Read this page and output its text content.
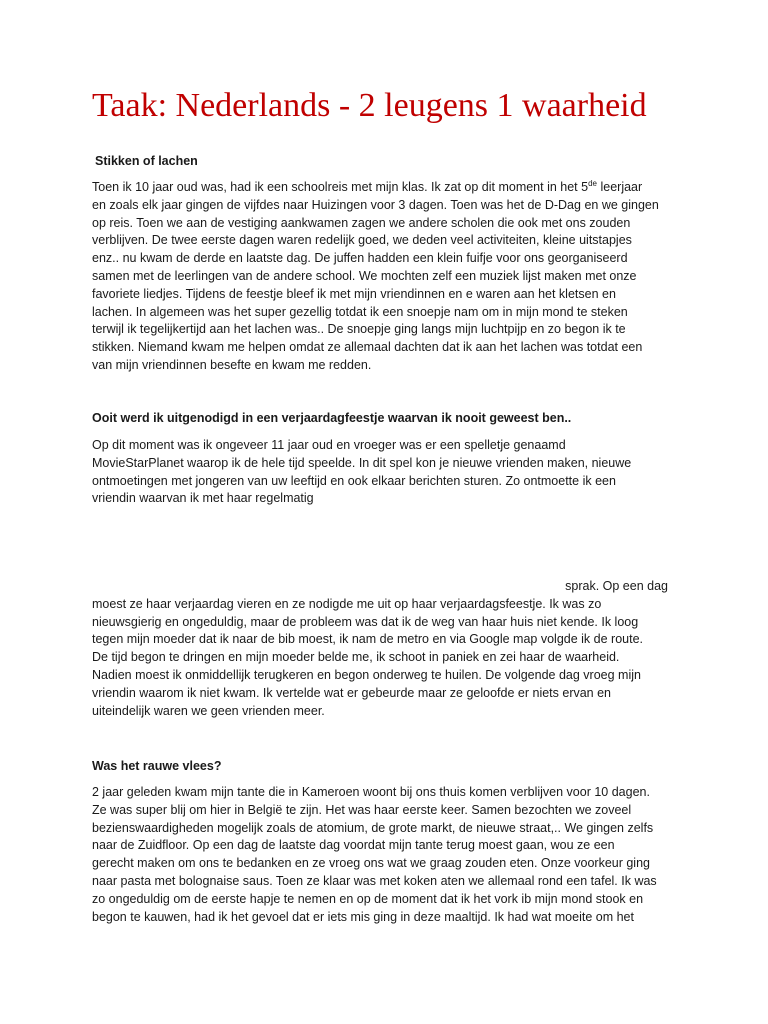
Taak: Nederlands - 2 leugens 1 waarheid
Stikken of lachen

Toen ik 10 jaar oud was, had ik een schoolreis met mijn klas. Ik zat op dit moment in het 5de leerjaar
en zoals elk jaar gingen de vijfdes naar Huizingen voor 3 dagen. Toen was het de D-Dag en we gingen
op reis. Toen we aan de vestiging aankwamen zagen we andere scholen die ook met ons zouden
verblijven. De twee eerste dagen waren redelijk goed, we deden veel activiteiten, kleine uitstapjes
enz.. nu kwam de derde en laatste dag. De juffen hadden een klein fuifje voor ons georganiseerd
samen met de leerlingen van de andere school. We mochten zelf een muziek lijst maken met onze
favoriete liedjes. Tijdens de feestje bleef ik met mijn vriendinnen en e waren aan het kletsen en
lachen. In algemeen was het super gezellig totdat ik een snoepje nam om in mijn mond te steken
terwijl ik tegelijkertijd aan het lachen was.. De snoepje ging langs mijn luchtpijp en zo begon ik te
stikken. Niemand kwam me helpen omdat ze allemaal dachten dat ik aan het lachen was totdat een
van mijn vriendinnen besefte en kwam me redden.

Ooit werd ik uitgenodigd in een verjaardagfeestje waarvan ik nooit geweest ben..

Op dit moment was ik ongeveer 11 jaar oud en vroeger was er een spelletje genaamd
MovieStarPlanet waarop ik de hele tijd speelde. In dit spel kon je nieuwe vrienden maken, nieuwe
ontmoetingen met jongeren van uw leeftijd en ook elkaar berichten sturen. Zo ontmoette ik een
vriendin waarvan ik met haar regelmatig

sprak. Op een dag
moest ze haar verjaardag vieren en ze nodigde me uit op haar verjaardagsfeestje. Ik was zo
nieuwsgierig en ongeduldig, maar de probleem was dat ik de weg van haar huis niet kende. Ik loog
tegen mijn moeder dat ik naar de bib moest, ik nam de metro en via Google map volgde ik de route.
De tijd begon te dringen en mijn moeder belde me, ik schoot in paniek en zei haar de waarheid.
Nadien moest ik onmiddellijk terugkeren en begon onderweg te huilen. De volgende dag vroeg mijn
vriendin waarom ik niet kwam. Ik vertelde wat er gebeurde maar ze geloofde er niets ervan en
uiteindelijk waren we geen vrienden meer.

Was het rauwe vlees?

2 jaar geleden kwam mijn tante die in Kameroen woont bij ons thuis komen verblijven voor 10 dagen.
Ze was super blij om hier in België te zijn. Het was haar eerste keer. Samen bezochten we zoveel
bezienswaardigheden mogelijk zoals de atomium, de grote markt, de nieuwe straat,.. We gingen zelfs
naar de Zuidfloor. Op een dag de laatste dag voordat mijn tante terug moest gaan, wou ze een
gerecht maken om ons te bedanken en ze vroeg ons wat we graag zouden eten. Onze voorkeur ging
naar pasta met bolognaise saus. Toen ze klaar was met koken aten we allemaal rond een tafel. Ik was
zo ongeduldig om de eerste hapje te nemen en op de moment dat ik het vork ib mijn mond stook en
begon te kauwen, had ik het gevoel dat er iets mis ging in deze maaltijd. Ik had wat moeite om het
